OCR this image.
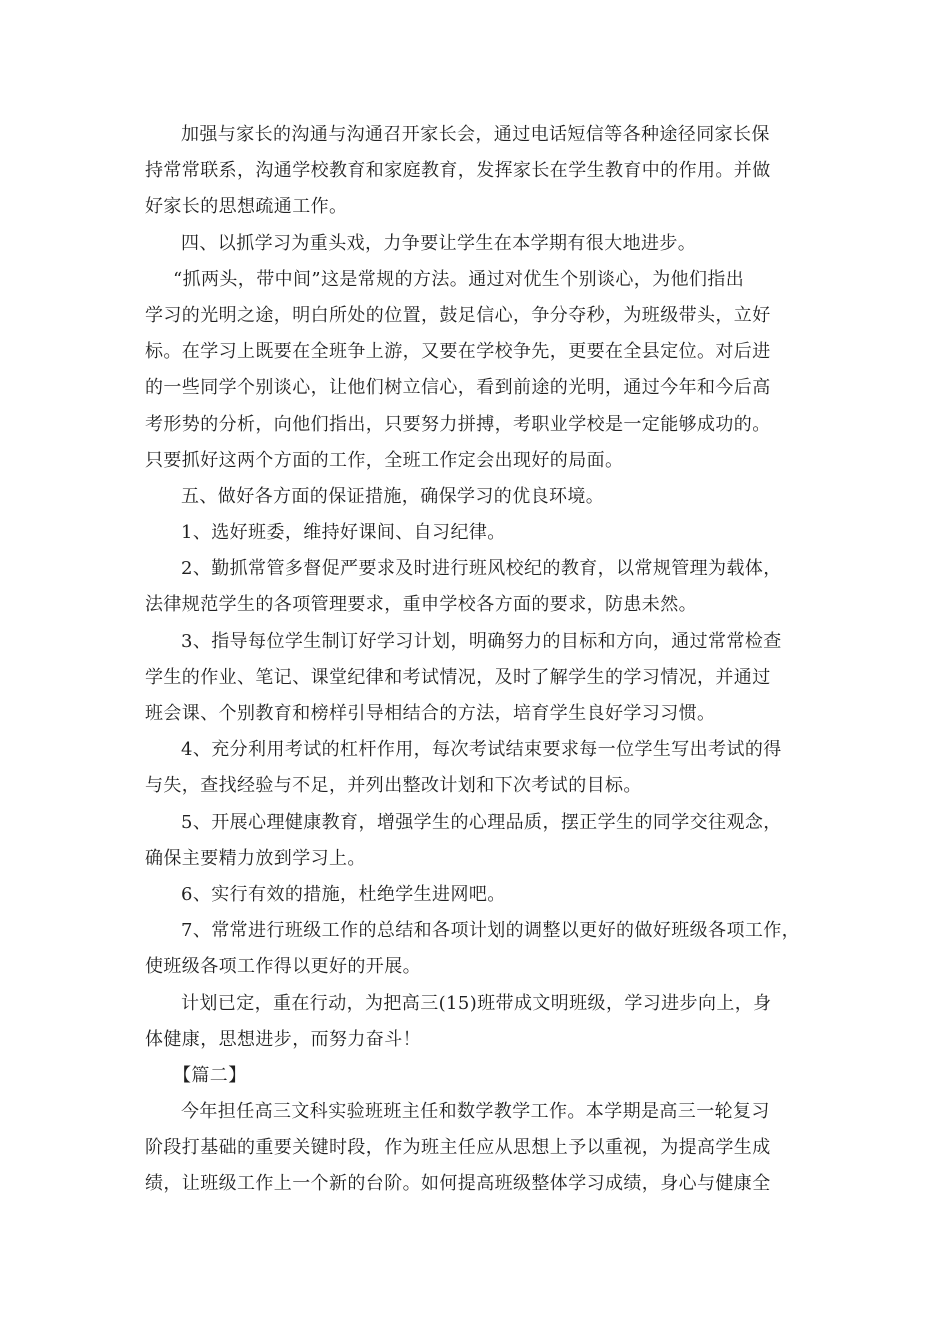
加强与家长的沟通与沟通召开家长会，通过电话短信等各种途径同家长保
持常常联系，沟通学校教育和家庭教育，发挥家长在学生教育中的作用。并做
好家长的思想疏通工作。
四、以抓学习为重头戏，力争要让学生在本学期有很大地进步。
“抓两头，带中间”这是常规的方法。通过对优生个别谈心，为他们指出
学习的光明之途，明白所处的位置，鼓足信心，争分夺秒，为班级带头，立好
标。在学习上既要在全班争上游，又要在学校争先，更要在全县定位。对后进
的一些同学个别谈心，让他们树立信心，看到前途的光明，通过今年和今后高
考形势的分析，向他们指出，只要努力拼搏，考职业学校是一定能够成功的。
只要抓好这两个方面的工作，全班工作定会出现好的局面。
五、做好各方面的保证措施，确保学习的优良环境。
1、选好班委，维持好课间、自习纪律。
2、勤抓常管多督促严要求及时进行班风校纪的教育，以常规管理为载体，
法律规范学生的各项管理要求，重申学校各方面的要求，防患未然。
3、指导每位学生制订好学习计划，明确努力的目标和方向，通过常常检查
学生的作业、笔记、课堂纪律和考试情况，及时了解学生的学习情况，并通过
班会课、个别教育和榜样引导相结合的方法，培育学生良好学习习惯。
4、充分利用考试的杠杆作用，每次考试结束要求每一位学生写出考试的得
与失，查找经验与不足，并列出整改计划和下次考试的目标。
5、开展心理健康教育，增强学生的心理品质，摆正学生的同学交往观念，
确保主要精力放到学习上。
6、实行有效的措施，杜绝学生进网吧。
7、常常进行班级工作的总结和各项计划的调整以更好的做好班级各项工作，
使班级各项工作得以更好的开展。
计划已定，重在行动，为把高三(15)班带成文明班级，学习进步向上，身
体健康，思想进步，而努力奋斗！
【篇二】
今年担任高三文科实验班班主任和数学教学工作。本学期是高三一轮复习
阶段打基础的重要关键时段，作为班主任应从思想上予以重视，为提高学生成
绩，让班级工作上一个新的台阶。如何提高班级整体学习成绩，身心与健康全
